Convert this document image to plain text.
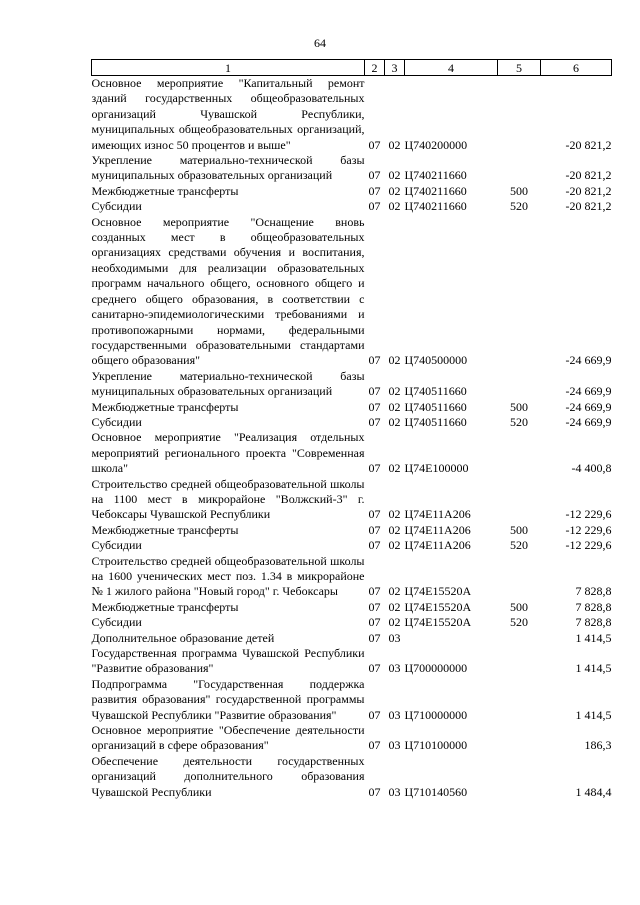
64
1	2	3	4	5	6
Основное мероприятие "Капитальный ремонт зданий государственных общеобразовательных организаций Чувашской Республики, муниципальных общеобразовательных организаций, имеющих износ 50 процентов и выше"	07	02	Ц740200000		-20 821,2
Укрепление материально-технической базы муниципальных образовательных организаций	07	02	Ц740211660		-20 821,2
Межбюджетные трансферты	07	02	Ц740211660	500	-20 821,2
Субсидии	07	02	Ц740211660	520	-20 821,2
Основное мероприятие "Оснащение вновь созданных мест в общеобразовательных организациях средствами обучения и воспитания, необходимыми для реализации образовательных программ начального общего, основного общего и среднего общего образования, в соответствии с санитарно-эпидемиологическими требованиями и противопожарными нормами, федеральными государственными образовательными стандартами общего образования"	07	02	Ц740500000		-24 669,9
Укрепление материально-технической базы муниципальных образовательных организаций	07	02	Ц740511660		-24 669,9
Межбюджетные трансферты	07	02	Ц740511660	500	-24 669,9
Субсидии	07	02	Ц740511660	520	-24 669,9
Основное мероприятие "Реализация отдельных мероприятий регионального проекта "Современная школа"	07	02	Ц74Е100000		-4 400,8
Строительство средней общеобразовательной школы на 1100 мест в микрорайоне "Волжский-3" г. Чебоксары Чувашской Республики	07	02	Ц74Е11А206		-12 229,6
Межбюджетные трансферты	07	02	Ц74Е11А206	500	-12 229,6
Субсидии	07	02	Ц74Е11А206	520	-12 229,6
Строительство средней общеобразовательной школы на 1600 ученических мест поз. 1.34 в микрорайоне № 1 жилого района "Новый город" г. Чебоксары	07	02	Ц74Е15520А		7 828,8
Межбюджетные трансферты	07	02	Ц74Е15520А	500	7 828,8
Субсидии	07	02	Ц74Е15520А	520	7 828,8
Дополнительное образование детей	07	03			1 414,5
Государственная программа Чувашской Республики "Развитие образования"	07	03	Ц700000000		1 414,5
Подпрограмма "Государственная поддержка развития образования" государственной программы Чувашской Республики "Развитие образования"	07	03	Ц710000000		1 414,5
Основное мероприятие "Обеспечение деятельности организаций в сфере образования"	07	03	Ц710100000		186,3
Обеспечение деятельности государственных организаций дополнительного образования Чувашской Республики	07	03	Ц710140560		1 484,4
